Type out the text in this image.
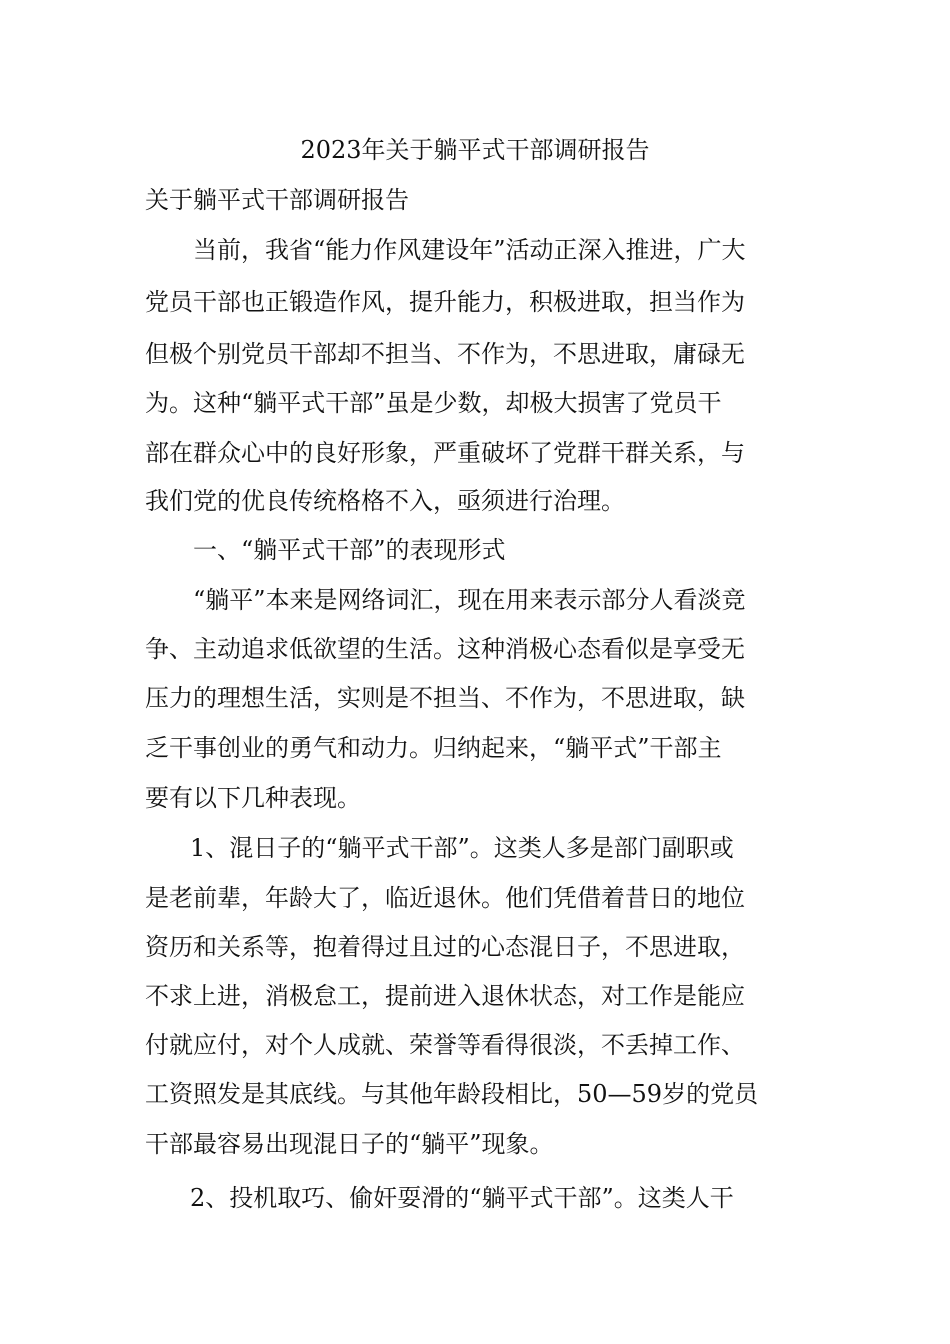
2023年关于躺平式干部调研报告
关于躺平式干部调研报告
当前，我省“能力作风建设年”活动正深入推进，广大
党员干部也正锻造作风，提升能力，积极进取，担当作为
但极个别党员干部却不担当、不作为，不思进取，庸碌无
为。这种“躺平式干部”虽是少数，却极大损害了党员干
部在群众心中的良好形象，严重破坏了党群干群关系，与
我们党的优良传统格格不入，亟须进行治理。
一、“躺平式干部”的表现形式
“躺平”本来是网络词汇，现在用来表示部分人看淡竞
争、主动追求低欲望的生活。这种消极心态看似是享受无
压力的理想生活，实则是不担当、不作为，不思进取，缺
乏干事创业的勇气和动力。归纳起来，“躺平式”干部主
要有以下几种表现。
1、混日子的“躺平式干部”。这类人多是部门副职或
是老前辈，年龄大了，临近退休。他们凭借着昔日的地位
资历和关系等，抱着得过且过的心态混日子，不思进取，
不求上进，消极怠工，提前进入退休状态，对工作是能应
付就应付，对个人成就、荣誉等看得很淡，不丢掉工作、
工资照发是其底线。与其他年龄段相比，50—59岁的党员
干部最容易出现混日子的“躺平”现象。
2、投机取巧、偷奸耍滑的“躺平式干部”。这类人干
